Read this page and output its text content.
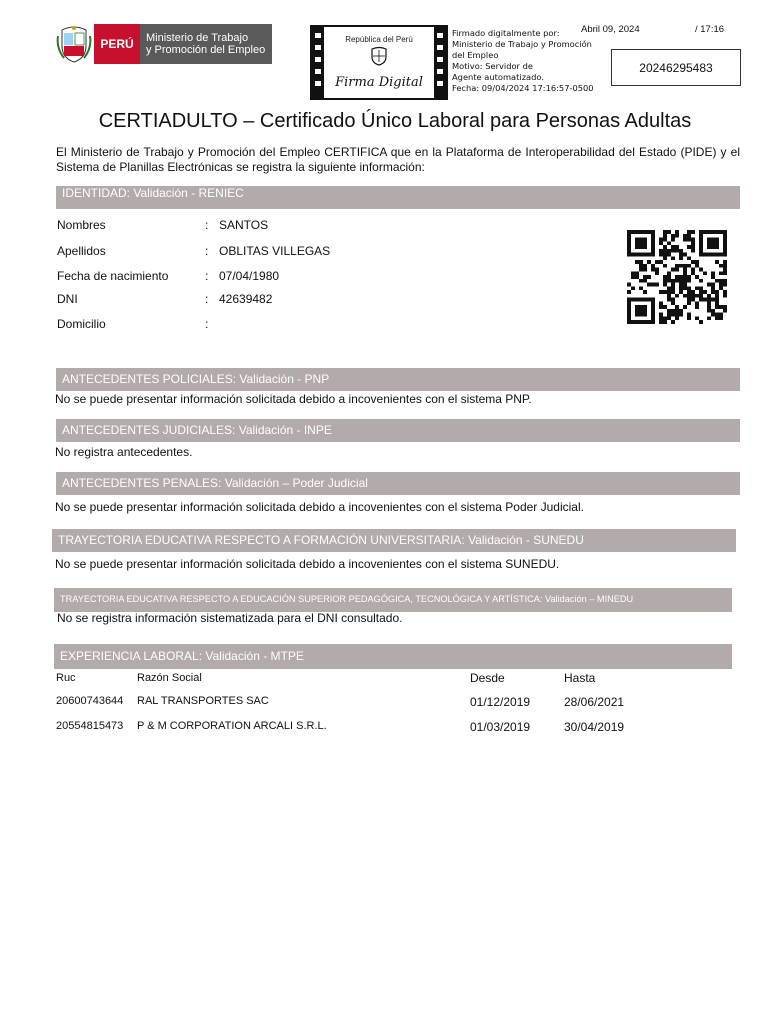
PERÚ	Ministerio de Trabajo
y Promoción del Empleo
República del Perú
Firma Digital
Firmado digitalmente por:
Ministerio de Trabajo y Promoción
del Empleo
Motivo: Servidor de
Agente automatizado.
Fecha: 09/04/2024 17:16:57-0500
Abril 09, 2024	/ 17:16
20246295483
CERTIADULTO – Certificado Único Laboral para Personas Adultas
El Ministerio de Trabajo y Promoción del Empleo CERTIFICA que en la Plataforma de Interoperabilidad del Estado (PIDE) y el Sistema de Planillas Electrónicas se registra la siguiente información:
IDENTIDAD: Validación - RENIEC
Nombres	: SANTOS
Apellidos	: OBLITAS VILLEGAS
Fecha de nacimiento	: 07/04/1980
DNI	: 42639482
Domicilio	:
ANTECEDENTES POLICIALES: Validación - PNP
No se puede presentar información solicitada debido a incovenientes con el sistema PNP.
ANTECEDENTES JUDICIALES: Validación - INPE
No registra antecedentes.
ANTECEDENTES PENALES: Validación – Poder Judicial
No se puede presentar información solicitada debido a incovenientes con el sistema Poder Judicial.
TRAYECTORIA EDUCATIVA RESPECTO A FORMACIÓN UNIVERSITARIA: Validación - SUNEDU
No se puede presentar información solicitada debido a incovenientes con el sistema SUNEDU.
TRAYECTORIA EDUCATIVA RESPECTO A EDUCACIÓN SUPERIOR PEDAGÓGICA, TECNOLÓGICA Y ARTÍSTICA: Validación – MINEDU
No se registra información sistematizada para el DNI consultado.
EXPERIENCIA LABORAL: Validación - MTPE
Ruc	Razón Social	Desde	Hasta
20600743644 RAL TRANSPORTES SAC	01/12/2019	28/06/2021
20554815473 P & M CORPORATION ARCALI S.R.L.	01/03/2019	30/04/2019
